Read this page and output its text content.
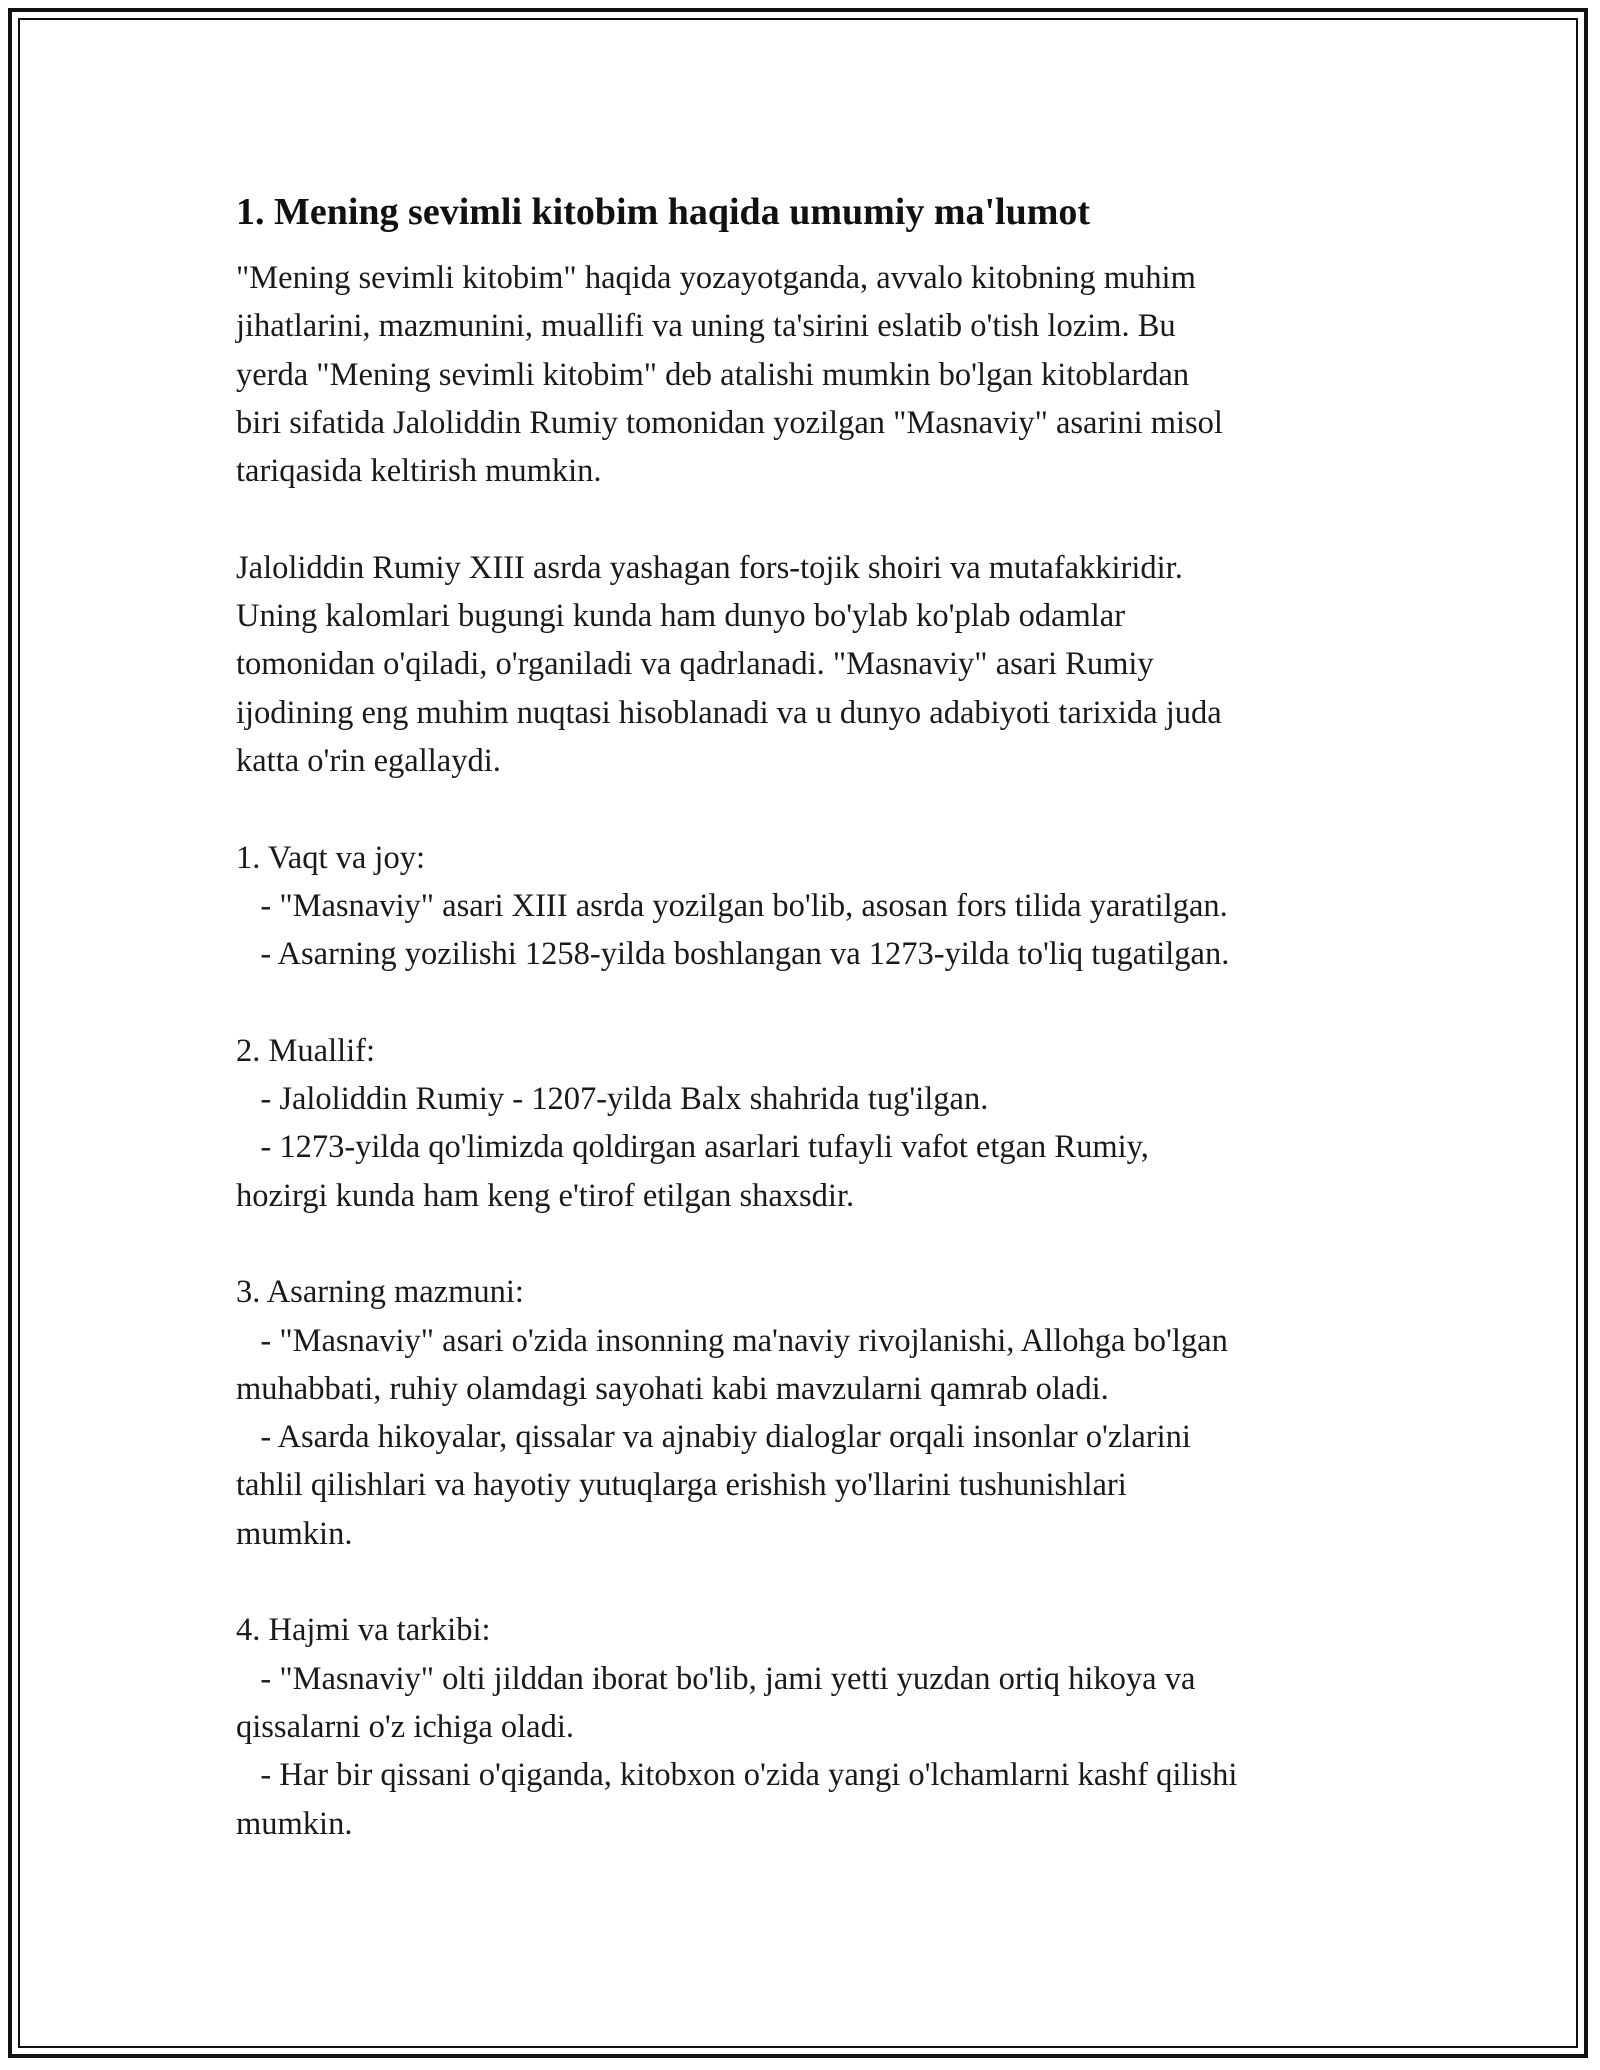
1. Mening sevimli kitobim haqida umumiy ma'lumot

"Mening sevimli kitobim" haqida yozayotganda, avvalo kitobning muhim
jihatlarini, mazmunini, muallifi va uning ta'sirini eslatib o'tish lozim. Bu
yerda "Mening sevimli kitobim" deb atalishi mumkin bo'lgan kitoblardan
biri sifatida Jaloliddin Rumiy tomonidan yozilgan "Masnaviy" asarini misol
tariqasida keltirish mumkin.

Jaloliddin Rumiy XIII asrda yashagan fors-tojik shoiri va mutafakkiridir.
Uning kalomlari bugungi kunda ham dunyo bo'ylab ko'plab odamlar
tomonidan o'qiladi, o'rganiladi va qadrlanadi. "Masnaviy" asari Rumiy
ijodining eng muhim nuqtasi hisoblanadi va u dunyo adabiyoti tarixida juda
katta o'rin egallaydi.

1. Vaqt va joy:

- "Masnaviy" asari XIII asrda yozilgan bo'lib, asosan fors tilida yaratilgan.

- Asarning yozilishi 1258-yilda boshlangan va 1273-yilda to'liq tugatilgan.

2. Muallif:

- Jaloliddin Rumiy - 1207-yilda Balx shahrida tug'ilgan.

- 1273-yilda qo'limizda qoldirgan asarlari tufayli vafot etgan Rumiy,
hozirgi kunda ham keng e'tirof etilgan shaxsdir.

3. Asarning mazmuni:

- "Masnaviy" asari o'zida insonning ma'naviy rivojlanishi, Allohga bo'lgan
muhabbati, ruhiy olamdagi sayohati kabi mavzularni qamrab oladi.

- Asarda hikoyalar, qissalar va ajnabiy dialoglar orqali insonlar o'zlarini
tahlil qilishlari va hayotiy yutuqlarga erishish yo'llarini tushunishlari
mumkin.

4. Hajmi va tarkibi:

- "Masnaviy" olti jilddan iborat bo'lib, jami yetti yuzdan ortiq hikoya va
qissalarni o'z ichiga oladi.

- Har bir qissani o'qiganda, kitobxon o'zida yangi o'lchamlarni kashf qilishi
mumkin.
